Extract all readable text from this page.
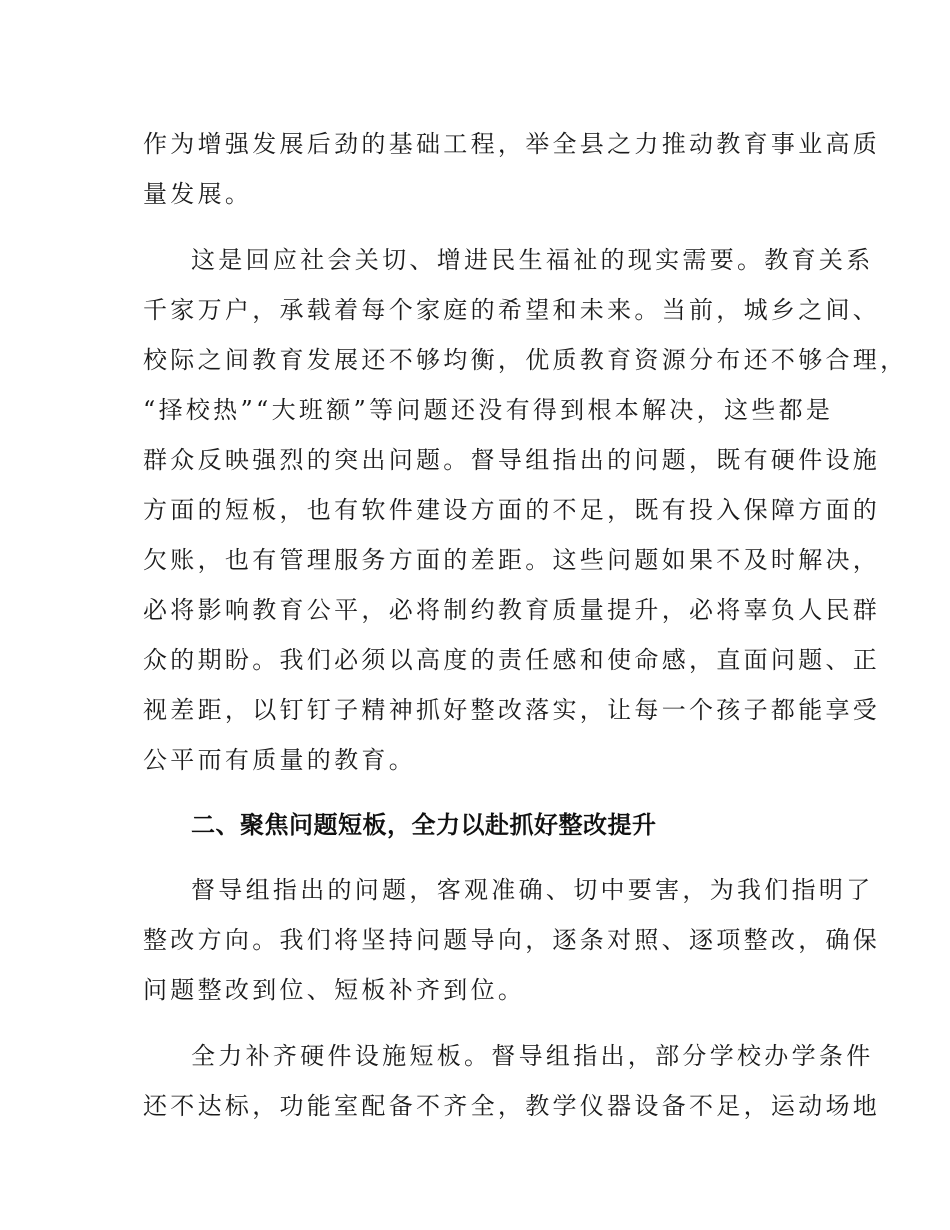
作为增强发展后劲的基础工程，举全县之力推动教育事业高质
量发展。
这是回应社会关切、增进民生福祉的现实需要。教育关系
千家万户，承载着每个家庭的希望和未来。当前，城乡之间、
校际之间教育发展还不够均衡，优质教育资源分布还不够合理，
“择校热”“大班额”等问题还没有得到根本解决，这些都是
群众反映强烈的突出问题。督导组指出的问题，既有硬件设施
方面的短板，也有软件建设方面的不足，既有投入保障方面的
欠账，也有管理服务方面的差距。这些问题如果不及时解决，
必将影响教育公平，必将制约教育质量提升，必将辜负人民群
众的期盼。我们必须以高度的责任感和使命感，直面问题、正
视差距，以钉钉子精神抓好整改落实，让每一个孩子都能享受
公平而有质量的教育。
二、聚焦问题短板，全力以赴抓好整改提升
督导组指出的问题，客观准确、切中要害，为我们指明了
整改方向。我们将坚持问题导向，逐条对照、逐项整改，确保
问题整改到位、短板补齐到位。
全力补齐硬件设施短板。督导组指出，部分学校办学条件
还不达标，功能室配备不齐全，教学仪器设备不足，运动场地
